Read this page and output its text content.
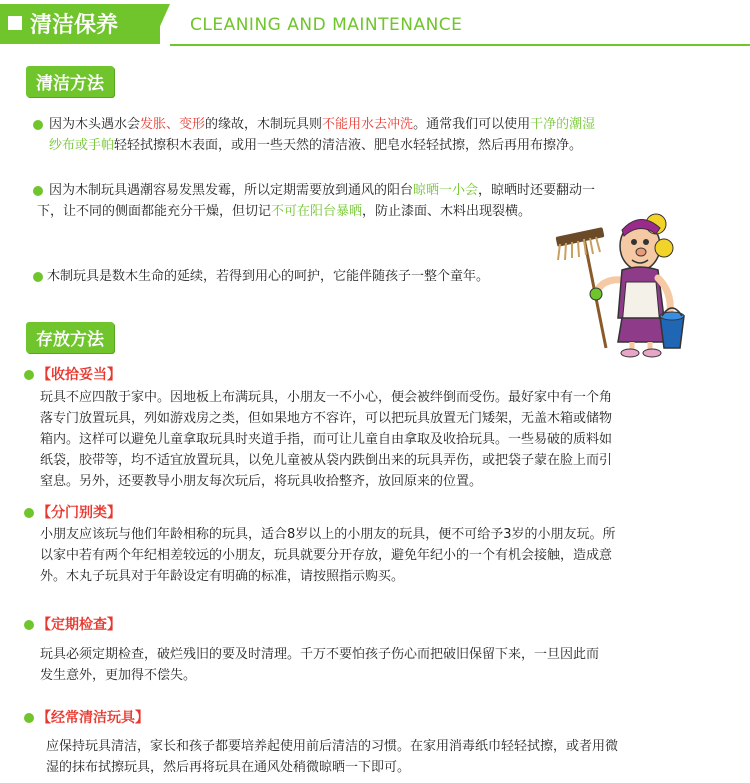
清洁保养	CLEANING AND MAINTENANCE
清洁方法
因为木头遇水会发胀、变形的缘故，木制玩具则不能用水去冲洗。通常我们可以使用干净的潮湿
纱布或手帕轻轻拭擦积木表面，或用一些天然的清洁液、肥皂水轻轻拭擦，然后再用布擦净。
因为木制玩具遇潮容易发黑发霉，所以定期需要放到通风的阳台晾晒一小会，晾晒时还要翻动一
下，让不同的侧面都能充分干燥，但切记不可在阳台暴晒，防止漆面、木料出现裂横。
木制玩具是数木生命的延续，若得到用心的呵护，它能伴随孩子一整个童年。
存放方法
【收拾妥当】
玩具不应四散于家中。因地板上布满玩具，小朋友一不小心，便会被绊倒而受伤。最好家中有一个角
落专门放置玩具，列如游戏房之类，但如果地方不容许，可以把玩具放置无门矮架，无盖木箱或储物
箱内。这样可以避免儿童拿取玩具时夹道手指，而可让儿童自由拿取及收拾玩具。一些易破的质料如
纸袋，胶带等，均不适宜放置玩具，以免儿童被从袋内跌倒出来的玩具弄伤，或把袋子蒙在脸上而引
窒息。另外，还要教导小朋友每次玩后，将玩具收拾整齐，放回原来的位置。
【分门别类】
小朋友应该玩与他们年龄相称的玩具，适合8岁以上的小朋友的玩具，便不可给予3岁的小朋友玩。所
以家中若有两个年纪相差较远的小朋友，玩具就要分开存放，避免年纪小的一个有机会接触，造成意
外。木丸子玩具对于年龄设定有明确的标准，请按照指示购买。
【定期检查】
玩具必须定期检查，破烂残旧的要及时清理。千万不要怕孩子伤心而把破旧保留下来，一旦因此而
发生意外，更加得不偿失。
【经常清洁玩具】
应保持玩具清洁，家长和孩子都要培养起使用前后清洁的习惯。在家用消毒纸巾轻轻拭擦，或者用微
湿的抹布拭擦玩具，然后再将玩具在通风处稍微晾晒一下即可。
